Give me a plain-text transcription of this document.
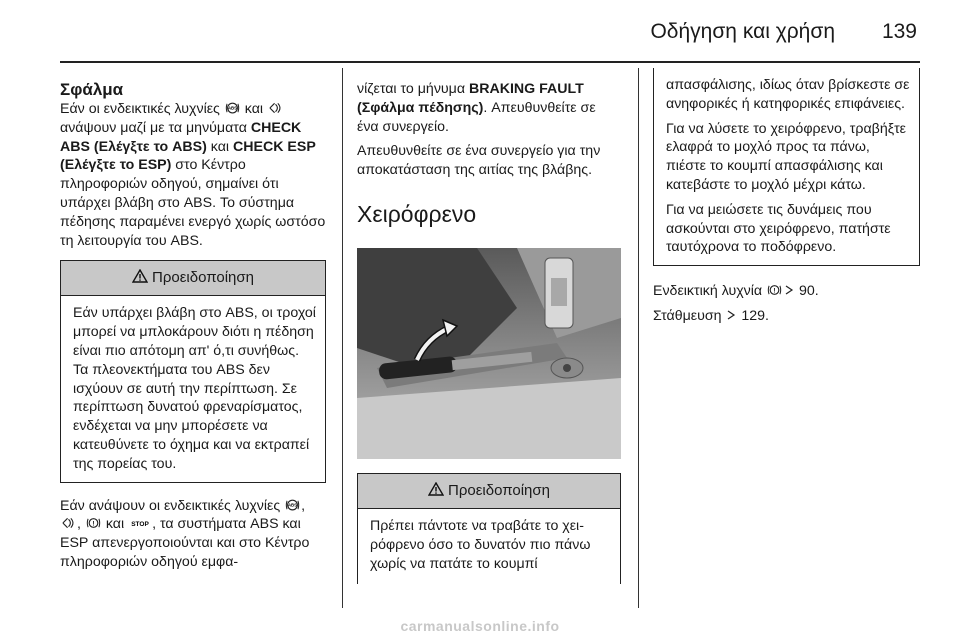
Οδήγηση και χρήση 139
Σφάλμα

Εάν οι ενδεικτικές λυχνίες ABS και  ανάψουν μαζί με τα μηνύματα CHECK ABS (Ελέγξτε το ABS) και CHECK ESP (Ελέγξτε το ESP) στο Κέντρο πληροφοριών οδηγού, σημαίνει ότι υπάρχει βλάβη στο ABS. Το σύστημα πέδησης παραμένει ενεργό χωρίς ωστόσο τη λειτουργία του ABS.

Προειδοποίηση
Εάν υπάρχει βλάβη στο ABS, οι τροχοί μπορεί να μπλοκάρουν διότι η πέδηση είναι πιο απότομη απ' ό,τι συνήθως. Τα πλεονεκτήματα του ABS δεν ισχύουν σε αυτή την περίπτωση. Σε περίπτωση δυνατού φρεναρίσματος, ενδέχεται να μην μπορέσετε να κατευθύνετε το όχημα και να εκτραπεί της πορείας του.

Εάν ανάψουν οι ενδεικτικές λυχνίες ABS , , ! και STOP , τα συστήματα ABS και ESP απενεργοποιούνται και στο Κέντρο πληροφοριών οδηγού εμφα-

νίζεται το μήνυμα BRAKING FAULT (Σφάλμα πέδησης). Απευθυνθείτε σε ένα συνεργείο.

Απευθυνθείτε σε ένα συνεργείο για την αποκατάσταση της αιτίας της βλάβης.

Χειρόφρενο
Προειδοποίηση
Πρέπει πάντοτε να τραβάτε το χειρόφρενο όσο το δυνατόν πιο πάνω χωρίς να πατάτε το κουμπί

απασφάλισης, ιδίως όταν βρίσκεστε σε ανηφορικές ή κατηφορικές επιφάνειες.

Για να λύσετε το χειρόφρενο, τραβήξτε ελαφρά το μοχλό προς τα πάνω, πιέστε το κουμπί απασφάλισης και κατεβάστε το μοχλό μέχρι κάτω.

Για να μειώσετε τις δυνάμεις που ασκούνται στο χειρόφρενο, πατήστε ταυτόχρονα το ποδόφρενο.

Ενδεικτική λυχνία ! 90.

Στάθμευση  129.

carmanualsonline.info
